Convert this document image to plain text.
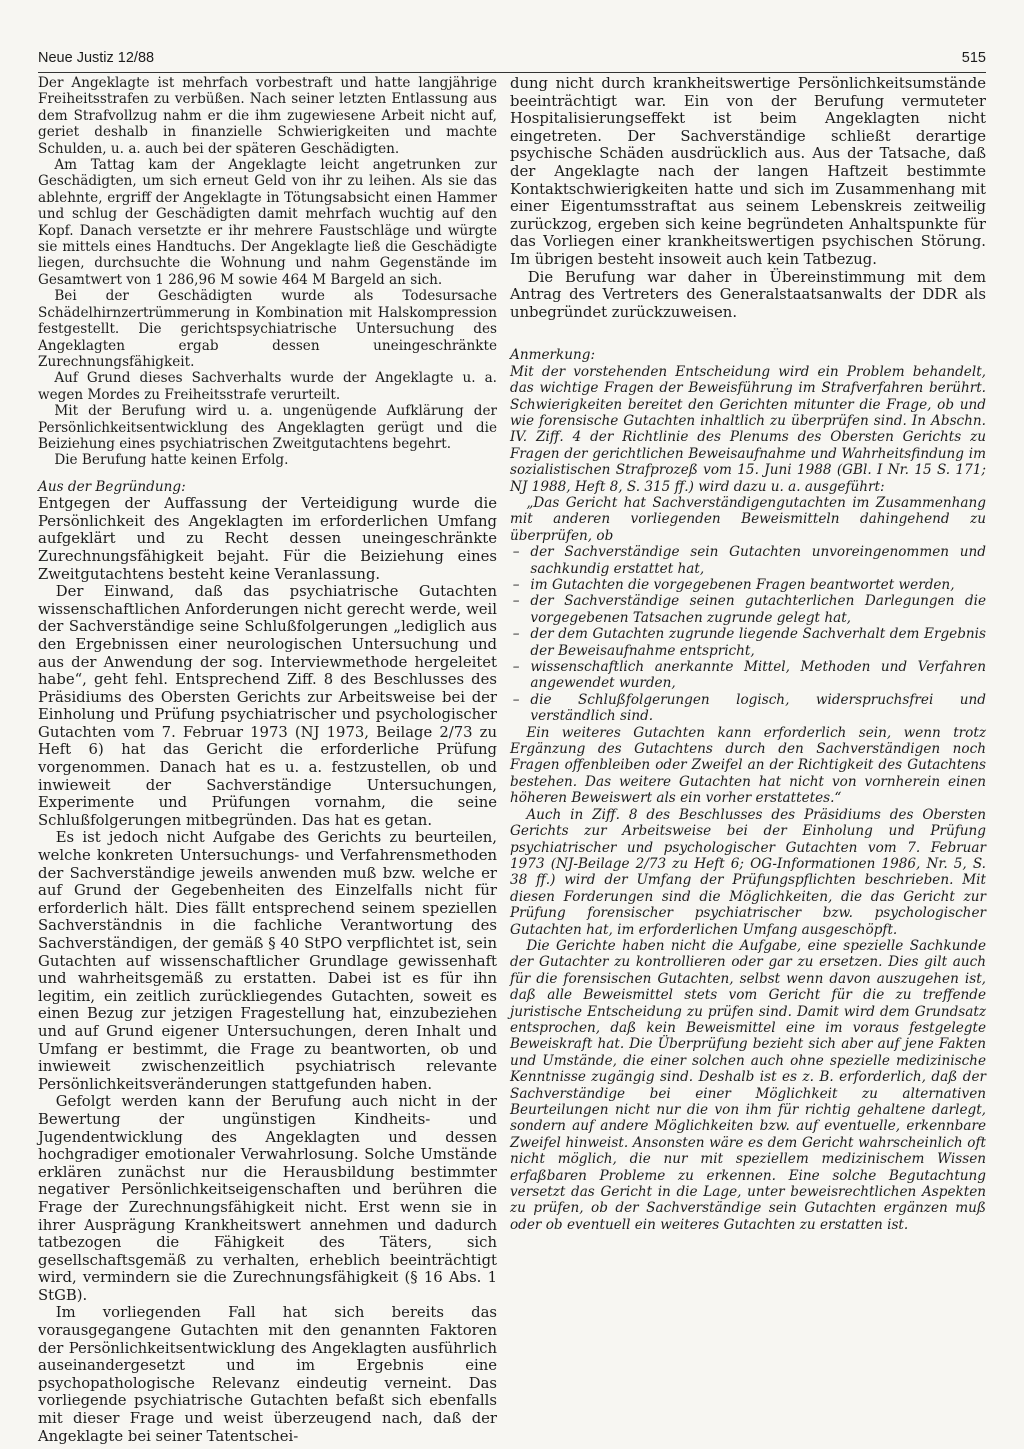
Neue Justiz 12/88	515

Der Angeklagte ist mehrfach vorbestraft und hatte langjährige Freiheitsstrafen zu verbüßen. Nach seiner letzten Entlassung aus dem Strafvollzug nahm er die ihm zugewiesene Arbeit nicht auf, geriet deshalb in finanzielle Schwierigkeiten und machte Schulden, u. a. auch bei der späteren Geschädigten.

Am Tattag kam der Angeklagte leicht angetrunken zur Geschädigten, um sich erneut Geld von ihr zu leihen. Als sie das ablehnte, ergriff der Angeklagte in Tötungsabsicht einen Hammer und schlug der Geschädigten damit mehrfach wuchtig auf den Kopf. Danach versetzte er ihr mehrere Faustschläge und würgte sie mittels eines Handtuchs. Der Angeklagte ließ die Geschädigte liegen, durchsuchte die Wohnung und nahm Gegenstände im Gesamtwert von 1 286,96 M sowie 464 M Bargeld an sich.

Bei der Geschädigten wurde als Todesursache Schädelhirnzertrümmerung in Kombination mit Halskompression festgestellt. Die gerichtspsychiatrische Untersuchung des Angeklagten ergab dessen uneingeschränkte Zurechnungsfähigkeit.

Auf Grund dieses Sachverhalts wurde der Angeklagte u. a. wegen Mordes zu Freiheitsstrafe verurteilt.

Mit der Berufung wird u. a. ungenügende Aufklärung der Persönlichkeitsentwicklung des Angeklagten gerügt und die Beiziehung eines psychiatrischen Zweitgutachtens begehrt.

Die Berufung hatte keinen Erfolg.

Aus der Begründung:

Entgegen der Auffassung der Verteidigung wurde die Persönlichkeit des Angeklagten im erforderlichen Umfang aufgeklärt und zu Recht dessen uneingeschränkte Zurechnungsfähigkeit bejaht. Für die Beiziehung eines Zweitgutachtens besteht keine Veranlassung.

Der Einwand, daß das psychiatrische Gutachten wissenschaftlichen Anforderungen nicht gerecht werde, weil der Sachverständige seine Schlußfolgerungen „lediglich aus den Ergebnissen einer neurologischen Untersuchung und aus der Anwendung der sog. Interviewmethode hergeleitet habe“, geht fehl. Entsprechend Ziff. 8 des Beschlusses des Präsidiums des Obersten Gerichts zur Arbeitsweise bei der Einholung und Prüfung psychiatrischer und psychologischer Gutachten vom 7. Februar 1973 (NJ 1973, Beilage 2/73 zu Heft 6) hat das Gericht die erforderliche Prüfung vorgenommen. Danach hat es u. a. festzustellen, ob und inwieweit der Sachverständige Untersuchungen, Experimente und Prüfungen vornahm, die seine Schlußfolgerungen mitbegründen. Das hat es getan.

Es ist jedoch nicht Aufgabe des Gerichts zu beurteilen, welche konkreten Untersuchungs- und Verfahrensmethoden der Sachverständige jeweils anwenden muß bzw. welche er auf Grund der Gegebenheiten des Einzelfalls nicht für erforderlich hält. Dies fällt entsprechend seinem speziellen Sachverständnis in die fachliche Verantwortung des Sachverständigen, der gemäß § 40 StPO verpflichtet ist, sein Gutachten auf wissenschaftlicher Grundlage gewissenhaft und wahrheitsgemäß zu erstatten. Dabei ist es für ihn legitim, ein zeitlich zurückliegendes Gutachten, soweit es einen Bezug zur jetzigen Fragestellung hat, einzubeziehen und auf Grund eigener Untersuchungen, deren Inhalt und Umfang er bestimmt, die Frage zu beantworten, ob und inwieweit zwischenzeitlich psychiatrisch relevante Persönlichkeitsveränderungen stattgefunden haben.

Gefolgt werden kann der Berufung auch nicht in der Bewertung der ungünstigen Kindheits- und Jugendentwicklung des Angeklagten und dessen hochgradiger emotionaler Verwahrlosung. Solche Umstände erklären zunächst nur die Herausbildung bestimmter negativer Persönlichkeitseigenschaften und berühren die Frage der Zurechnungsfähigkeit nicht. Erst wenn sie in ihrer Ausprägung Krankheitswert annehmen und dadurch tatbezogen die Fähigkeit des Täters, sich gesellschaftsgemäß zu verhalten, erheblich beeinträchtigt wird, vermindern sie die Zurechnungsfähigkeit (§ 16 Abs. 1 StGB).

Im vorliegenden Fall hat sich bereits das vorausgegangene Gutachten mit den genannten Faktoren der Persönlichkeitsentwicklung des Angeklagten ausführlich auseinandergesetzt und im Ergebnis eine psychopathologische Relevanz eindeutig verneint. Das vorliegende psychiatrische Gutachten befaßt sich ebenfalls mit dieser Frage und weist überzeugend nach, daß der Angeklagte bei seiner Tatentschei-

dung nicht durch krankheitswertige Persönlichkeitsumstände beeinträchtigt war. Ein von der Berufung vermuteter Hospitalisierungseffekt ist beim Angeklagten nicht eingetreten. Der Sachverständige schließt derartige psychische Schäden ausdrücklich aus. Aus der Tatsache, daß der Angeklagte nach der langen Haftzeit bestimmte Kontaktschwierigkeiten hatte und sich im Zusammenhang mit einer Eigentumsstraftat aus seinem Lebenskreis zeitweilig zurückzog, ergeben sich keine begründeten Anhaltspunkte für das Vorliegen einer krankheitswertigen psychischen Störung. Im übrigen besteht insoweit auch kein Tatbezug.

Die Berufung war daher in Übereinstimmung mit dem Antrag des Vertreters des Generalstaatsanwalts der DDR als unbegründet zurückzuweisen.

Anmerkung:

Mit der vorstehenden Entscheidung wird ein Problem behandelt, das wichtige Fragen der Beweisführung im Strafverfahren berührt. Schwierigkeiten bereitet den Gerichten mitunter die Frage, ob und wie forensische Gutachten inhaltlich zu überprüfen sind. In Abschn. IV. Ziff. 4 der Richtlinie des Plenums des Obersten Gerichts zu Fragen der gerichtlichen Beweisaufnahme und Wahrheitsfindung im sozialistischen Strafprozeß vom 15. Juni 1988 (GBl. I Nr. 15 S. 171; NJ 1988, Heft 8, S. 315 ff.) wird dazu u. a. ausgeführt:

„Das Gericht hat Sachverständigengutachten im Zusammenhang mit anderen vorliegenden Beweismitteln dahingehend zu überprüfen, ob

– der Sachverständige sein Gutachten unvoreingenommen und sachkundig erstattet hat,
– im Gutachten die vorgegebenen Fragen beantwortet werden,
– der Sachverständige seinen gutachterlichen Darlegungen die vorgegebenen Tatsachen zugrunde gelegt hat,
– der dem Gutachten zugrunde liegende Sachverhalt dem Ergebnis der Beweisaufnahme entspricht,
– wissenschaftlich anerkannte Mittel, Methoden und Verfahren angewendet wurden,
– die Schlußfolgerungen logisch, widerspruchsfrei und verständlich sind.

Ein weiteres Gutachten kann erforderlich sein, wenn trotz Ergänzung des Gutachtens durch den Sachverständigen noch Fragen offenbleiben oder Zweifel an der Richtigkeit des Gutachtens bestehen. Das weitere Gutachten hat nicht von vornherein einen höheren Beweiswert als ein vorher erstattetes.“

Auch in Ziff. 8 des Beschlusses des Präsidiums des Obersten Gerichts zur Arbeitsweise bei der Einholung und Prüfung psychiatrischer und psychologischer Gutachten vom 7. Februar 1973 (NJ-Beilage 2/73 zu Heft 6; OG-Informationen 1986, Nr. 5, S. 38 ff.) wird der Umfang der Prüfungspflichten beschrieben. Mit diesen Forderungen sind die Möglichkeiten, die das Gericht zur Prüfung forensischer psychiatrischer bzw. psychologischer Gutachten hat, im erforderlichen Umfang ausgeschöpft.

Die Gerichte haben nicht die Aufgabe, eine spezielle Sachkunde der Gutachter zu kontrollieren oder gar zu ersetzen. Dies gilt auch für die forensischen Gutachten, selbst wenn davon auszugehen ist, daß alle Beweismittel stets vom Gericht für die zu treffende juristische Entscheidung zu prüfen sind. Damit wird dem Grundsatz entsprochen, daß kein Beweismittel eine im voraus festgelegte Beweiskraft hat. Die Überprüfung bezieht sich aber auf jene Fakten und Umstände, die einer solchen auch ohne spezielle medizinische Kenntnisse zugängig sind. Deshalb ist es z. B. erforderlich, daß der Sachverständige bei einer Möglichkeit zu alternativen Beurteilungen nicht nur die von ihm für richtig gehaltene darlegt, sondern auf andere Möglichkeiten bzw. auf eventuelle, erkennbare Zweifel hinweist. Ansonsten wäre es dem Gericht wahrscheinlich oft nicht möglich, die nur mit speziellem medizinischem Wissen erfaßbaren Probleme zu erkennen. Eine solche Begutachtung versetzt das Gericht in die Lage, unter beweisrechtlichen Aspekten zu prüfen, ob der Sachverständige sein Gutachten ergänzen muß oder ob eventuell ein weiteres Gutachten zu erstatten ist.
